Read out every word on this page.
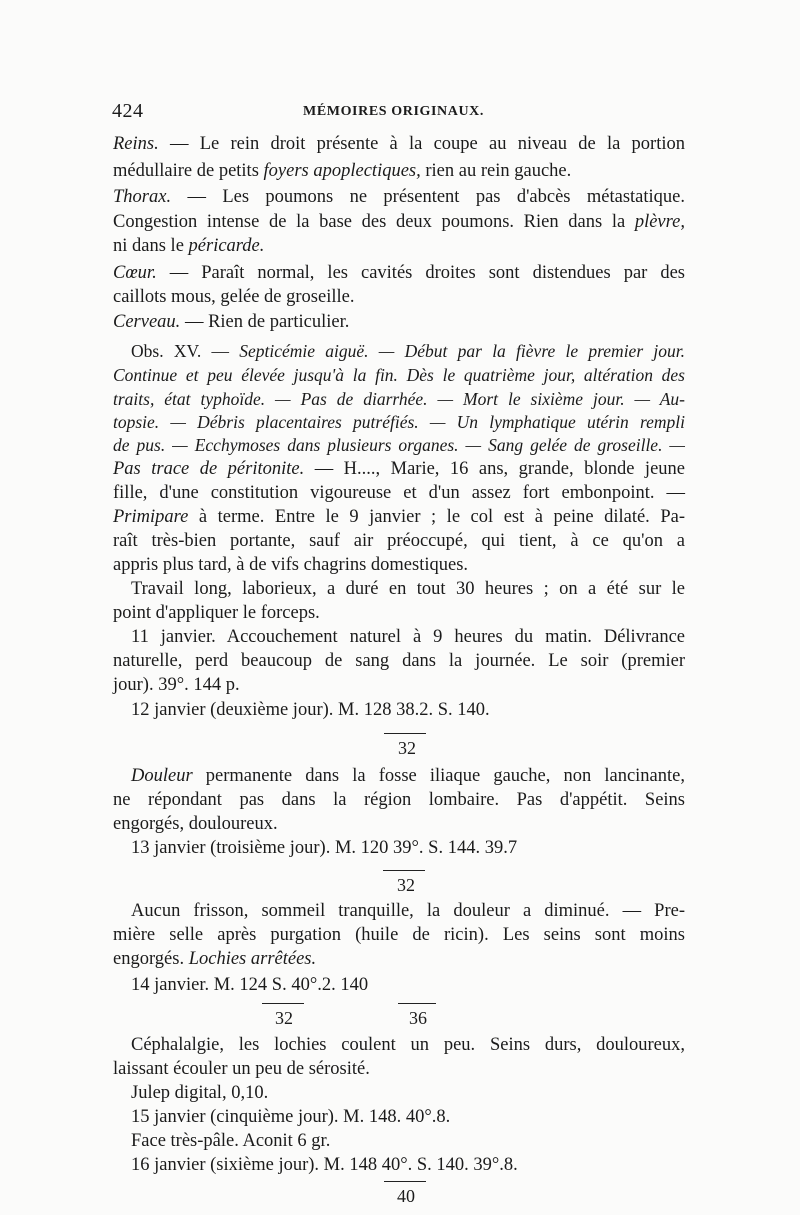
424	MÉMOIRES ORIGINAUX.
Reins. — Le rein droit présente à la coupe au niveau de la portion
médullaire de petits foyers apoplectiques, rien au rein gauche.
Thorax. — Les poumons ne présentent pas d'abcès métastatique.
Congestion intense de la base des deux poumons. Rien dans la plèvre,
ni dans le péricarde.
Cœur. — Paraît normal, les cavités droites sont distendues par des
caillots mous, gelée de groseille.
Cerveau. — Rien de particulier.
Obs. XV. — Septicémie aiguë. — Début par la fièvre le premier jour.
Continue et peu élevée jusqu'à la fin. Dès le quatrième jour, altération des
traits, état typhoïde. — Pas de diarrhée. — Mort le sixième jour. — Au-
topsie. — Débris placentaires putréfiés. — Un lymphatique utérin rempli
de pus. — Ecchymoses dans plusieurs organes. — Sang gelée de groseille. —
Pas trace de péritonite. — H...., Marie, 16 ans, grande, blonde jeune
fille, d'une constitution vigoureuse et d'un assez fort embonpoint. —
Primipare à terme. Entre le 9 janvier ; le col est à peine dilaté. Pa-
raît très-bien portante, sauf air préoccupé, qui tient, à ce qu'on a
appris plus tard, à de vifs chagrins domestiques.
Travail long, laborieux, a duré en tout 30 heures ; on a été sur le
point d'appliquer le forceps.
11 janvier. Accouchement naturel à 9 heures du matin. Délivrance
naturelle, perd beaucoup de sang dans la journée. Le soir (premier
jour). 39°. 144 p.
12 janvier (deuxième jour). M. 128 38.2. S. 140.
32
Douleur permanente dans la fosse iliaque gauche, non lancinante,
ne répondant pas dans la région lombaire. Pas d'appétit. Seins
engorgés, douloureux.
13 janvier (troisième jour). M. 120 39°. S. 144. 39.7
32
Aucun frisson, sommeil tranquille, la douleur a diminué. — Pre-
mière selle après purgation (huile de ricin). Les seins sont moins
engorgés. Lochies arrêtées.
14 janvier. M. 124 S. 40°.2. 140
32	36
Céphalalgie, les lochies coulent un peu. Seins durs, douloureux,
laissant écouler un peu de sérosité.
Julep digital, 0,10.
15 janvier (cinquième jour). M. 148. 40°.8.
Face très-pâle. Aconit 6 gr.
16 janvier (sixième jour). M. 148 40°. S. 140. 39°.8.
40
